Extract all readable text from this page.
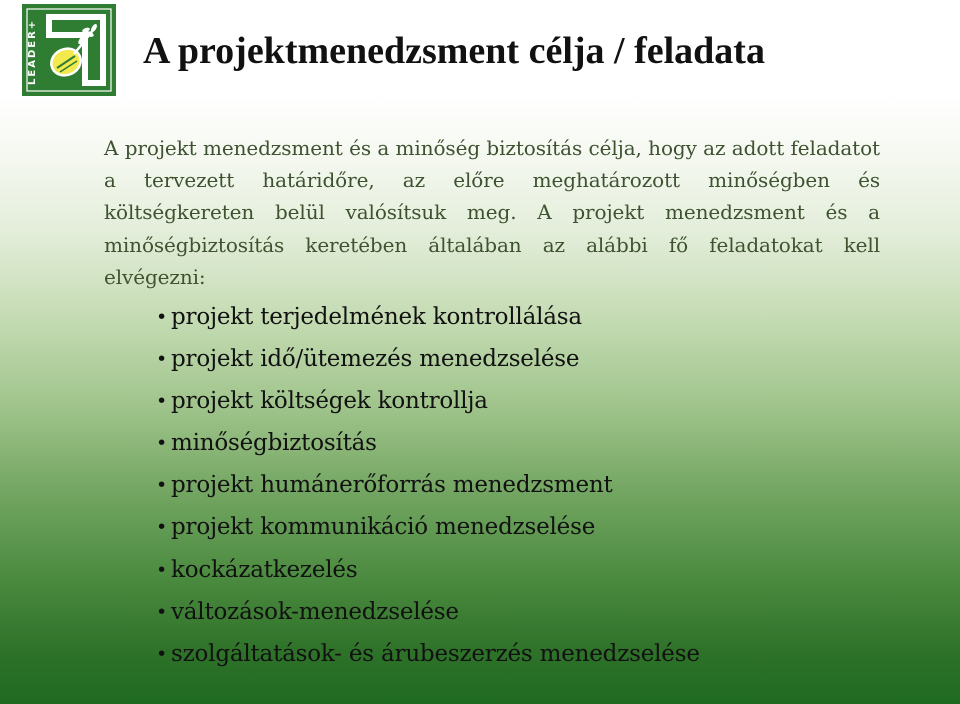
LEADER+	A projektmenedzsment célja / feladata

A projekt menedzsment és a minőség biztosítás célja, hogy az adott feladatot a tervezett határidőre, az előre meghatározott minőségben és költségkereten belül valósítsuk meg. A projekt menedzsment és a minőségbiztosítás keretében általában az alábbi fő feladatokat kell elvégezni:

• projekt terjedelmének kontrollálása
• projekt idő/ütemezés menedzselése
• projekt költségek kontrollja
• minőségbiztosítás
• projekt humánerőforrás menedzsment
• projekt kommunikáció menedzselése
• kockázatkezelés
• változások-menedzselése
• szolgáltatások- és árubeszerzés menedzselése
